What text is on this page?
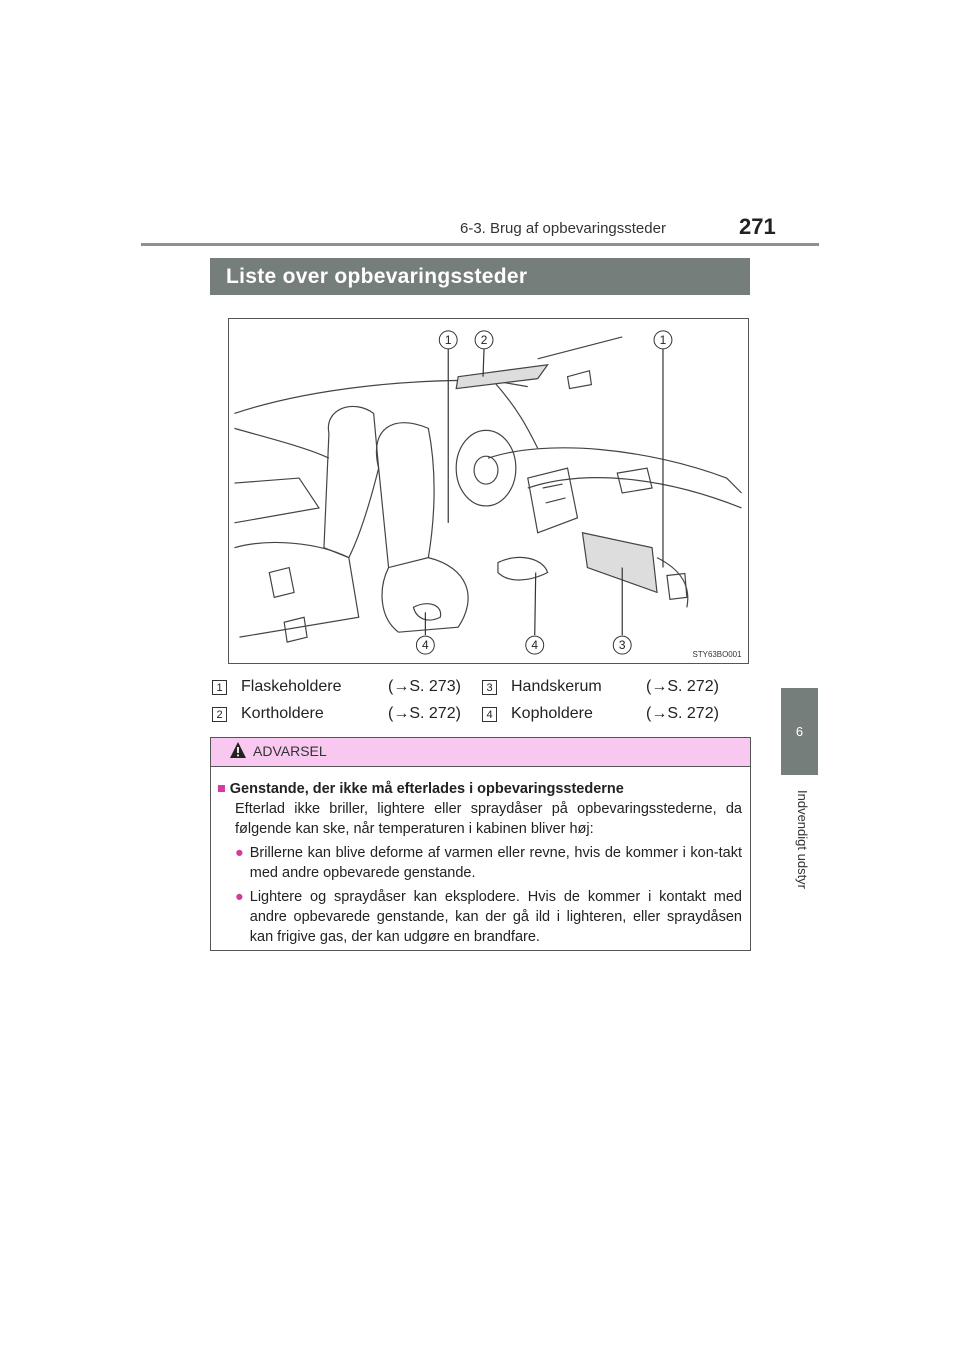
6-3. Brug af opbevaringssteder	271
6
Indvendigt udstyr
Liste over opbevaringssteder
1 2	1
4	4	3
STY63BO001
1 Flaskeholdere	(→S. 273)
2 Kortholdere	(→S. 272)
3 Handskerum	(→S. 272)
4 Kopholdere	(→S. 272)
ADVARSEL
■ Genstande, der ikke må efterlades i opbevaringsstederne
Efterlad ikke briller, lightere eller spraydåser på opbevaringsstederne, da følgende kan ske, når temperaturen i kabinen bliver høj:
● Brillerne kan blive deforme af varmen eller revne, hvis de kommer i kon-takt med andre opbevarede genstande.
● Lightere og spraydåser kan eksplodere. Hvis de kommer i kontakt med andre opbevarede genstande, kan der gå ild i lighteren, eller spraydåsen kan frigive gas, der kan udgøre en brandfare.
